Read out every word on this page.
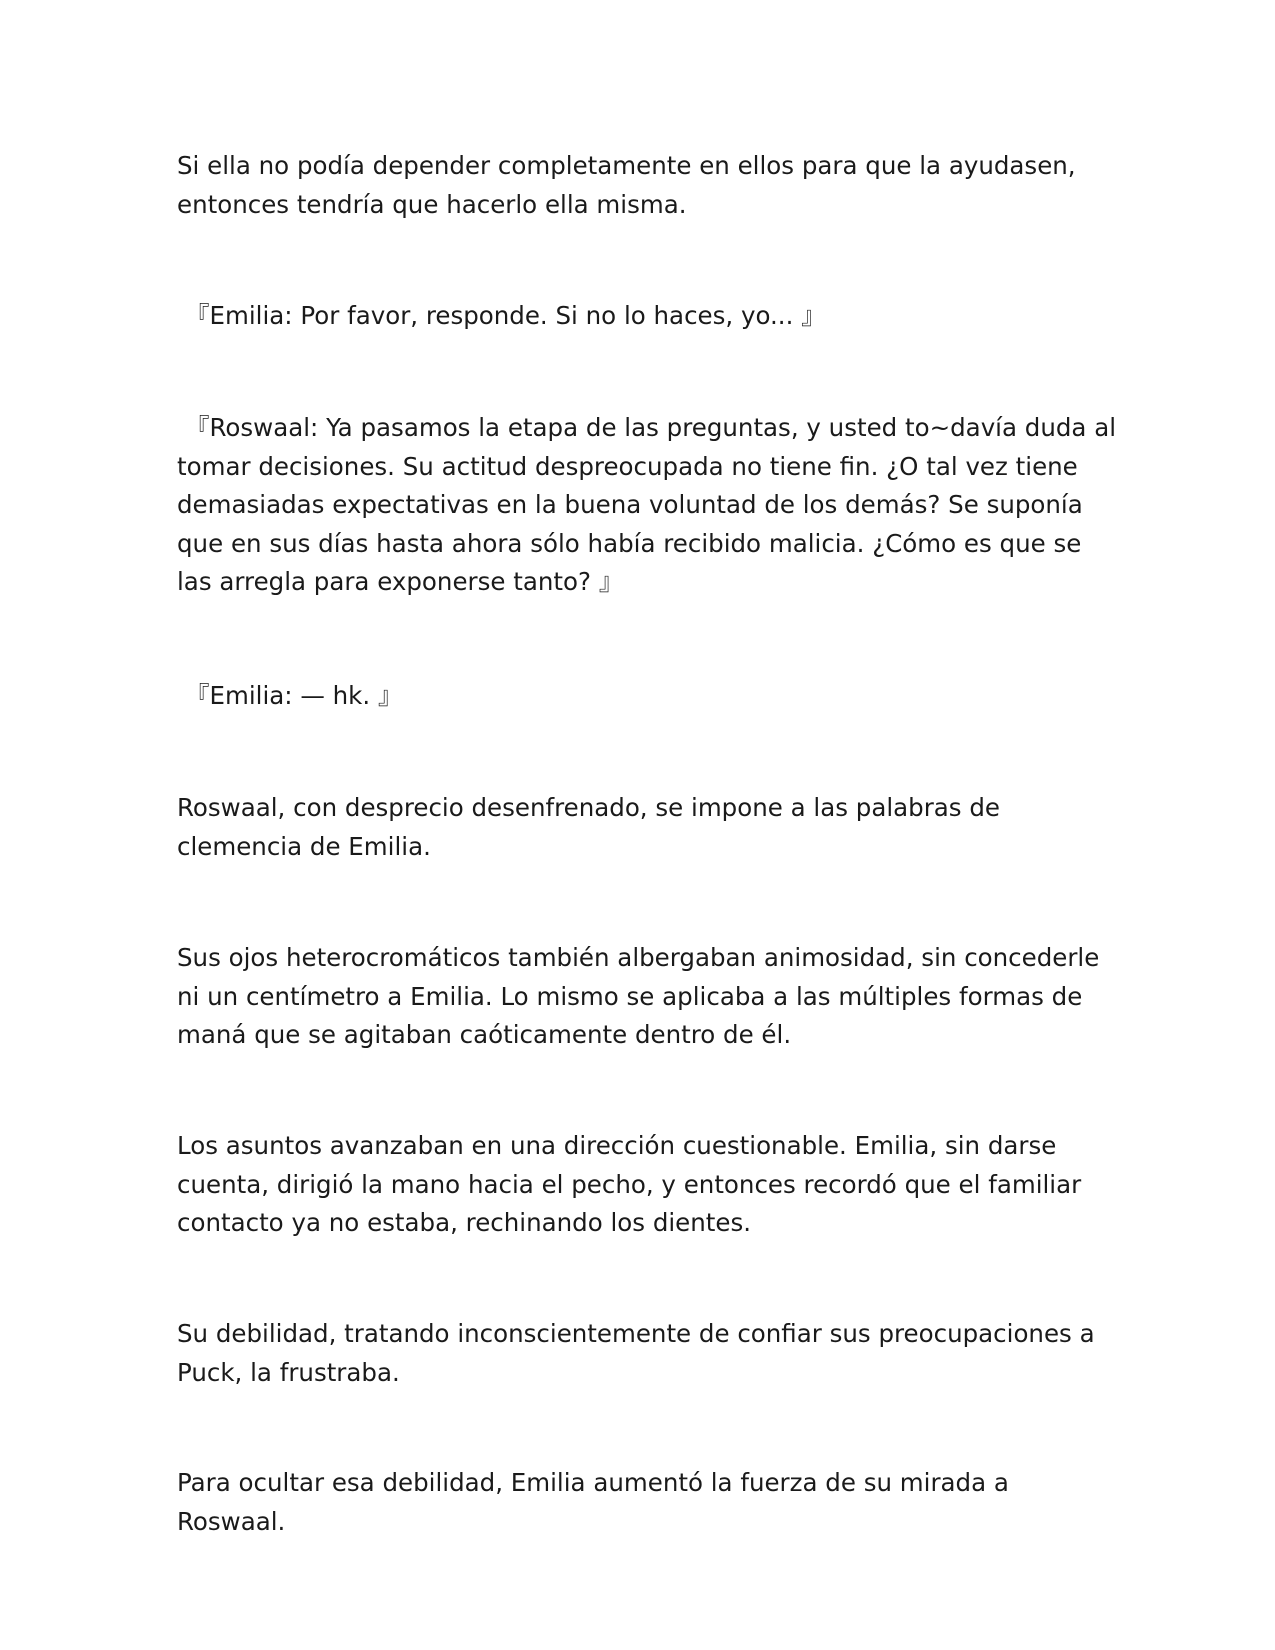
Si ella no podía depender completamente en ellos para que la ayudasen, entonces tendría que hacerlo ella misma.

『Emilia: Por favor, responde. Si no lo haces, yo... 』

『Roswaal: Ya pasamos la etapa de las preguntas, y usted to~davía duda al tomar decisiones. Su actitud despreocupada no tiene fin. ¿O tal vez tiene demasiadas expectativas en la buena voluntad de los demás? Se suponía que en sus días hasta ahora sólo había recibido malicia. ¿Cómo es que se las arregla para exponerse tanto? 』

『Emilia: — hk. 』

Roswaal, con desprecio desenfrenado, se impone a las palabras de clemencia de Emilia.

Sus ojos heterocromáticos también albergaban animosidad, sin concederle ni un centímetro a Emilia. Lo mismo se aplicaba a las múltiples formas de maná que se agitaban caóticamente dentro de él.

Los asuntos avanzaban en una dirección cuestionable. Emilia, sin darse cuenta, dirigió la mano hacia el pecho, y entonces recordó que el familiar contacto ya no estaba, rechinando los dientes.

Su debilidad, tratando inconscientemente de confiar sus preocupaciones a Puck, la frustraba.

Para ocultar esa debilidad, Emilia aumentó la fuerza de su mirada a Roswaal.
